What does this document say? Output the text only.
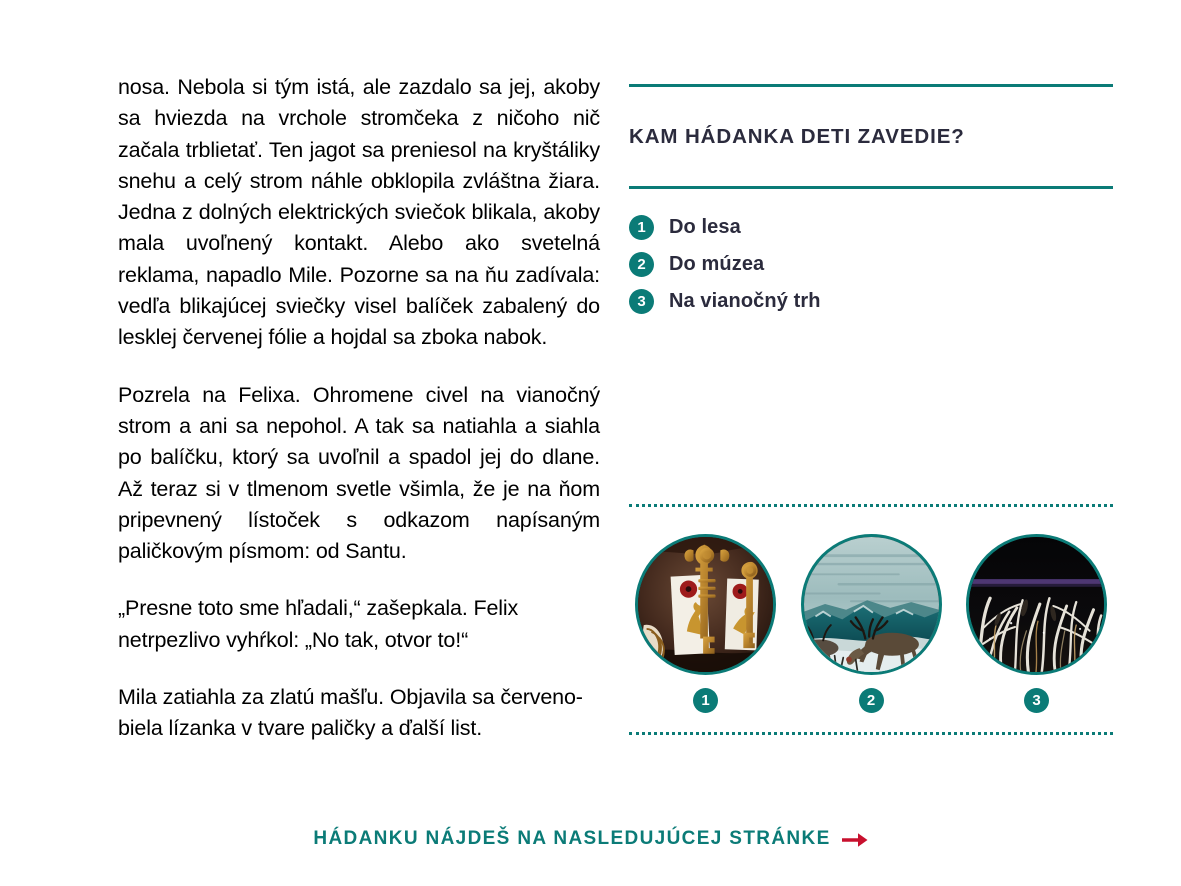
nosa. Nebola si tým istá, ale zazdalo sa jej, akoby sa hviezda na vrchole stromčeka z ničoho nič začala trblietať. Ten jagot sa preniesol na kryštáliky snehu a celý strom náhle obklopila zvláštna žiara. Jedna z dolných elektrických sviečok blikala, akoby mala uvoľnený kontakt. Alebo ako svetelná reklama, napadlo Mile. Pozorne sa na ňu zadívala: vedľa blikajúcej sviečky visel balíček zabalený do lesklej červenej fólie a hojdal sa zboka nabok.

Pozrela na Felixa. Ohromene civel na vianočný strom a ani sa nepohol. A tak sa natiahla a siahla po balíčku, ktorý sa uvoľnil a spadol jej do dlane. Až teraz si v tlmenom svetle všimla, že je na ňom pripevnený lístoček s odkazom napísaným paličkovým písmom: od Santu.

„Presne toto sme hľadali,“ zašepkala. Felix netrpezlivo vyhŕkol: „No tak, otvor to!“

Mila zatiahla za zlatú mašľu. Objavila sa červeno-biela lízanka v tvare paličky a ďalší list.

KAM HÁDANKA DETI ZAVEDIE?
1	Do lesa
2	Do múzea
3	Na vianočný trh
1	2	3
HÁDANKU NÁJDEŠ NA NASLEDUJÚCEJ STRÁNKE
